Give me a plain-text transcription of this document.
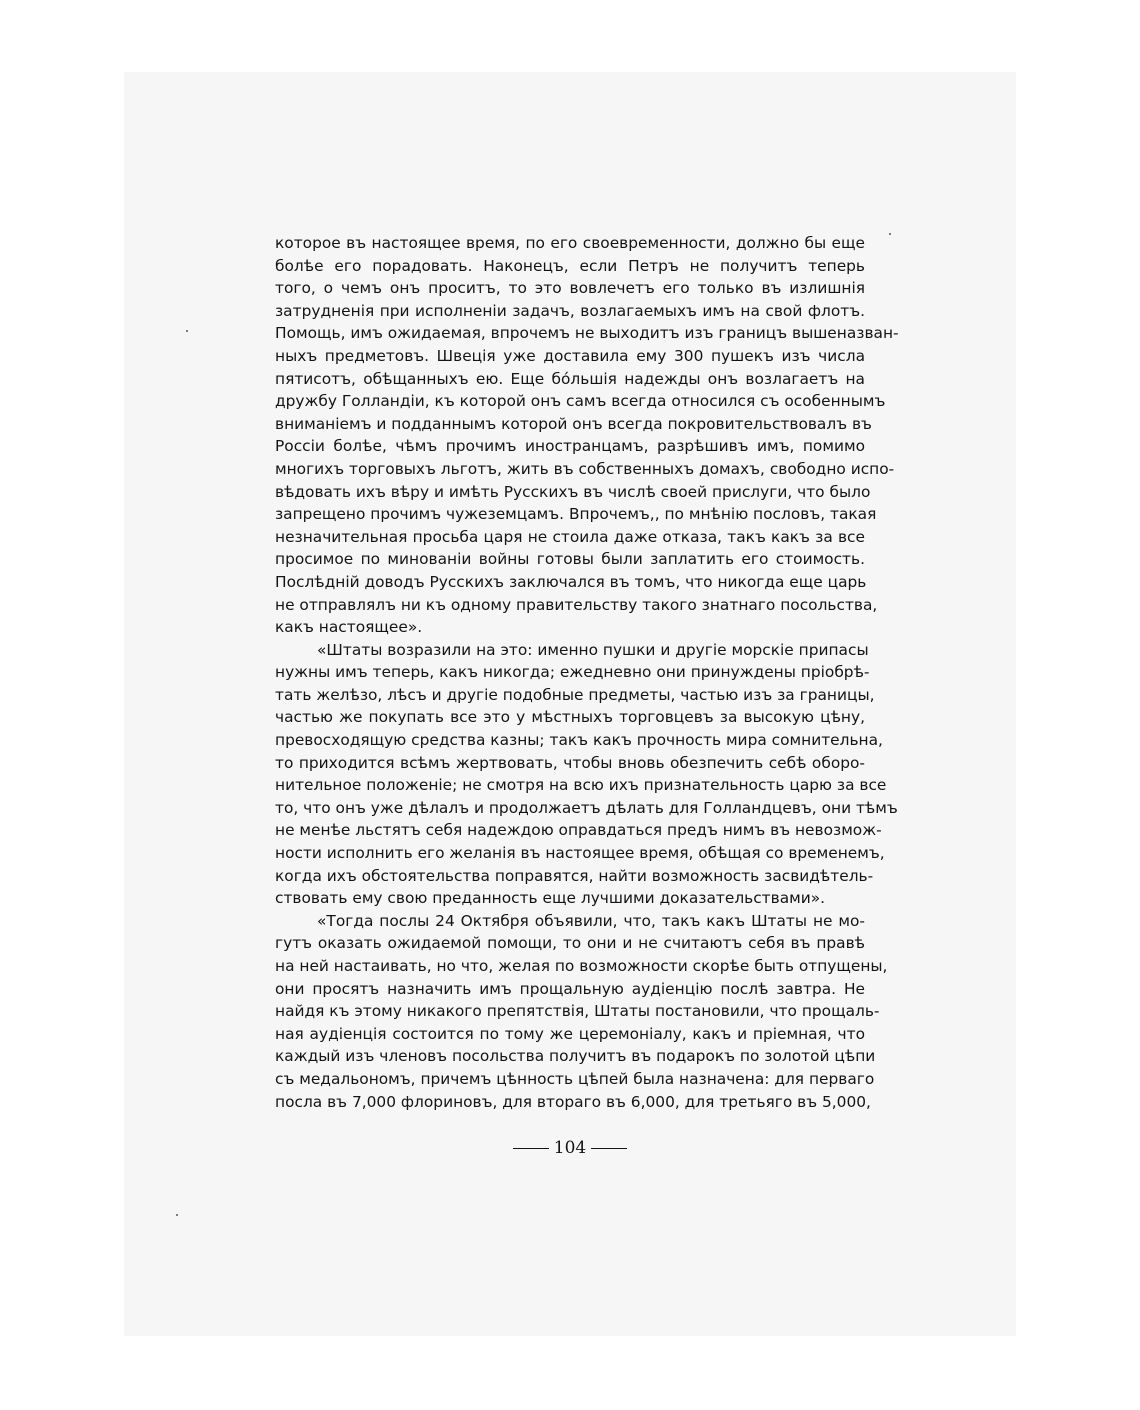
которое въ настоящее время, по его своевременности, должно бы еще
болѣе его порадовать. Наконецъ, если Петръ не получитъ теперь
того, о чемъ онъ проситъ, то это вовлечетъ его только въ излишнія
затрудненія при исполненіи задачъ, возлагаемыхъ имъ на свой флотъ.
Помощь, имъ ожидаемая, впрочемъ не выходитъ изъ границъ вышеназван-
ныхъ предметовъ. Швеція уже доставила ему 300 пушекъ изъ числа
пятисотъ, обѣщанныхъ ею. Еще бóльшія надежды онъ возлагаетъ на
дружбу Голландіи, къ которой онъ самъ всегда относился съ особеннымъ
вниманіемъ и подданнымъ которой онъ всегда покровительствовалъ въ
Россіи болѣе, чѣмъ прочимъ иностранцамъ, разрѣшивъ имъ, помимо
многихъ торговыхъ льготъ, жить въ собственныхъ домахъ, свободно испо-
вѣдовать ихъ вѣру и имѣть Русскихъ въ числѣ своей прислуги, что было
запрещено прочимъ чужеземцамъ. Впрочемъ,, по мнѣнію пословъ, такая
незначительная просьба царя не стоила даже отказа, такъ какъ за все
просимое по минованіи войны готовы были заплатить его стоимость.
Послѣдній доводъ Русскихъ заключался въ томъ, что никогда еще царь
не отправлялъ ни къ одному правительству такого знатнаго посольства,
какъ настоящее».
«Штаты возразили на это: именно пушки и другіе морскіе припасы
нужны имъ теперь, какъ никогда; ежедневно они принуждены пріобрѣ-
тать желѣзо, лѣсъ и другіе подобные предметы, частью изъ за границы,
частью же покупать все это у мѣстныхъ торговцевъ за высокую цѣну,
превосходящую средства казны; такъ какъ прочность мира сомнительна,
то приходится всѣмъ жертвовать, чтобы вновь обезпечить себѣ оборо-
нительное положеніе; не смотря на всю ихъ признательность царю за все
то, что онъ уже дѣлалъ и продолжаетъ дѣлать для Голландцевъ, они тѣмъ
не менѣе льстятъ себя надеждою оправдаться предъ нимъ въ невозмож-
ности исполнить его желанія въ настоящее время, обѣщая со временемъ,
когда ихъ обстоятельства поправятся, найти возможность засвидѣтель-
ствовать ему свою преданность еще лучшими доказательствами».
«Тогда послы 24 Октября объявили, что, такъ какъ Штаты не мо-
гутъ оказать ожидаемой помощи, то они и не считаютъ себя въ правѣ
на ней настаивать, но что, желая по возможности скорѣе быть отпущены,
они просятъ назначить имъ прощальную аудіенцію послѣ завтра. Не
найдя къ этому никакого препятствія, Штаты постановили, что прощаль-
ная аудіенція состоится по тому же церемоніалу, какъ и пріемная, что
каждый изъ членовъ посольства получитъ въ подарокъ по золотой цѣпи
съ медальономъ, причемъ цѣнность цѣпей была назначена: для перваго
посла въ 7,000 флориновъ, для втораго въ 6,000, для третьяго въ 5,000,
104
